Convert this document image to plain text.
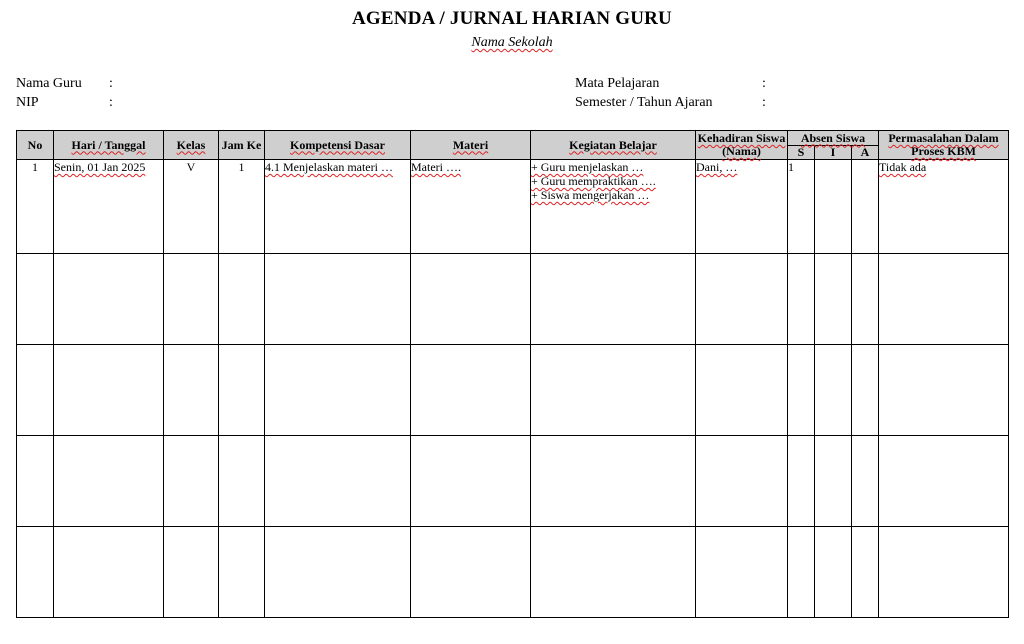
AGENDA / JURNAL HARIAN GURU
Nama Sekolah
Nama Guru :
NIP	:
Mata Pelajaran	:
Semester / Tahun Ajaran	:
No	Hari / Tanggal	Kelas	Jam Ke	Kompetensi Dasar	Materi	Kegiatan Belajar	Kehadiran Siswa (Nama)	Absen Siswa			Permasalahan Dalam Proses KBM
								S	I	A	
1	Senin, 01 Jan 2025	V	1	4.1 Menjelaskan materi …	Materi ….	+ Guru menjelaskan …
+ Guru mempraktikan ….
+ Siswa mengerjakan …	Dani, …	1			Tidak ada
